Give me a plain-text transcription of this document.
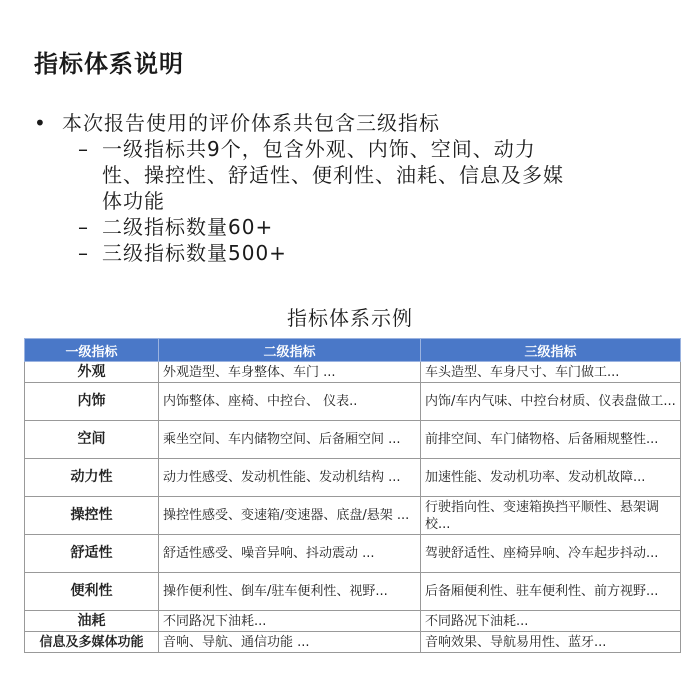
指标体系说明
• 本次报告使用的评价体系共包含三级指标
– 一级指标共9个，包含外观、内饰、空间、动力性、操控性、舒适性、便利性、油耗、信息及多媒体功能
– 二级指标数量60+
– 三级指标数量500+
指标体系示例
一级指标	二级指标	三级指标
外观	外观造型、车身整体、车门 ...	车头造型、车身尺寸、车门做工...
内饰	内饰整体、座椅、中控台、 仪表..	内饰/车内气味、中控台材质、仪表盘做工...
空间	乘坐空间、车内储物空间、后备厢空间 ...	前排空间、车门储物格、后备厢规整性...
动力性	动力性感受、发动机性能、发动机结构 ...	加速性能、发动机功率、发动机故障...
操控性	操控性感受、变速箱/变速器、底盘/悬架 ...	行驶指向性、变速箱换挡平顺性、悬架调校...
舒适性	舒适性感受、噪音异响、抖动震动 ...	驾驶舒适性、座椅异响、冷车起步抖动...
便利性	操作便利性、倒车/驻车便利性、视野...	后备厢便利性、驻车便利性、前方视野...
油耗	不同路况下油耗...	不同路况下油耗...
信息及多媒体功能	音响、导航、通信功能 ...	音响效果、导航易用性、蓝牙...
